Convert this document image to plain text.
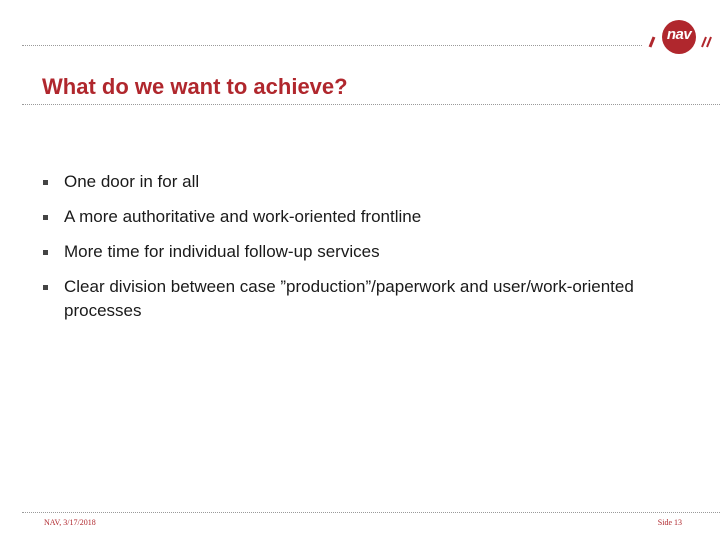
nav
What do we want to achieve?
One door in for all
A more authoritative and work-oriented frontline
More time for individual follow-up services
Clear division between case ”production”/paperwork and user/work-oriented processes
NAV, 3/17/2018	Side 13
